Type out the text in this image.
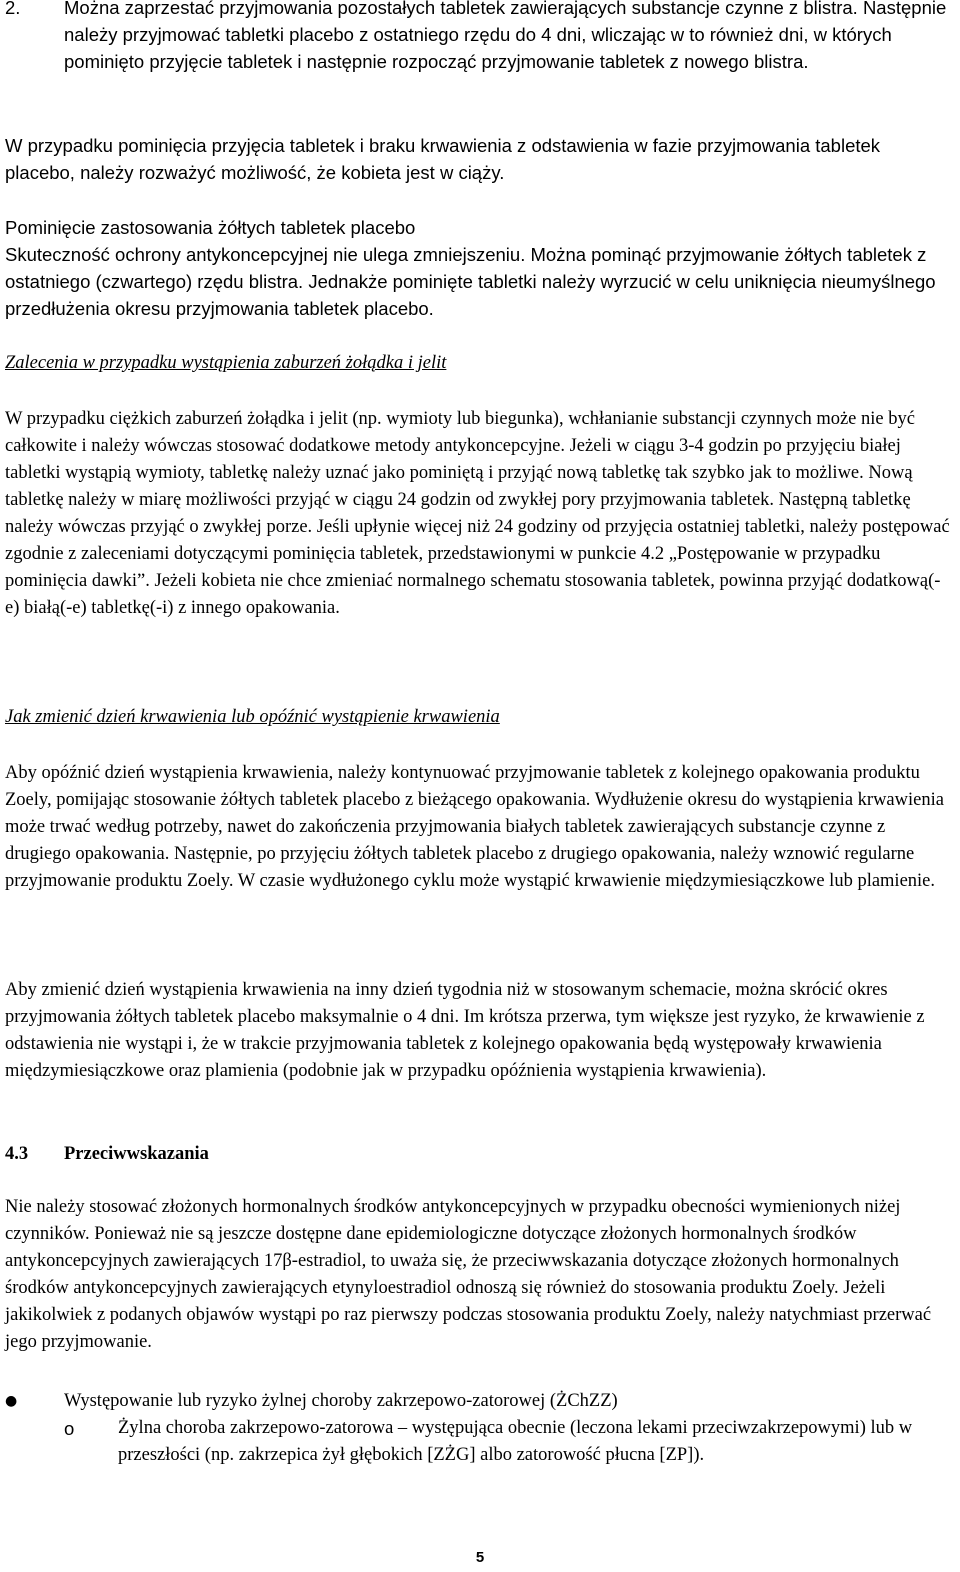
2.	Można zaprzestać przyjmowania pozostałych tabletek zawierających substancje czynne z blistra. Następnie należy przyjmować tabletki placebo z ostatniego rzędu do 4 dni, wliczając w to również dni, w których pominięto przyjęcie tabletek i następnie rozpocząć przyjmowanie tabletek z nowego blistra.

W przypadku pominięcia przyjęcia tabletek i braku krwawienia z odstawienia w fazie przyjmowania tabletek placebo, należy rozważyć możliwość, że kobieta jest w ciąży.

Pominięcie zastosowania żółtych tabletek placebo

Skuteczność ochrony antykoncepcyjnej nie ulega zmniejszeniu. Można pominąć przyjmowanie żółtych tabletek z ostatniego (czwartego) rzędu blistra. Jednakże pominięte tabletki należy wyrzucić w celu uniknięcia nieumyślnego przedłużenia okresu przyjmowania tabletek placebo.

Zalecenia w przypadku wystąpienia zaburzeń żołądka i jelit

W przypadku ciężkich zaburzeń żołądka i jelit (np. wymioty lub biegunka), wchłanianie substancji czynnych może nie być całkowite i należy wówczas stosować dodatkowe metody antykoncepcyjne. Jeżeli w ciągu 3-4 godzin po przyjęciu białej tabletki wystąpią wymioty, tabletkę należy uznać jako pominiętą i przyjąć nową tabletkę tak szybko jak to możliwe. Nową tabletkę należy w miarę możliwości przyjąć w ciągu 24 godzin od zwykłej pory przyjmowania tabletek. Następną tabletkę należy wówczas przyjąć o zwykłej porze. Jeśli upłynie więcej niż 24 godziny od przyjęcia ostatniej tabletki, należy postępować zgodnie z zaleceniami dotyczącymi pominięcia tabletek, przedstawionymi w punkcie 4.2 „Postępowanie w przypadku pominięcia dawki”. Jeżeli kobieta nie chce zmieniać normalnego schematu stosowania tabletek, powinna przyjąć dodatkową(-e) białą(-e) tabletkę(-i) z innego opakowania.

Jak zmienić dzień krwawienia lub opóźnić wystąpienie krwawienia

Aby opóźnić dzień wystąpienia krwawienia, należy kontynuować przyjmowanie tabletek z kolejnego opakowania produktu Zoely, pomijając stosowanie żółtych tabletek placebo z bieżącego opakowania. Wydłużenie okresu do wystąpienia krwawienia może trwać według potrzeby, nawet do zakończenia przyjmowania białych tabletek zawierających substancje czynne z drugiego opakowania. Następnie, po przyjęciu żółtych tabletek placebo z drugiego opakowania, należy wznowić regularne przyjmowanie produktu Zoely. W czasie wydłużonego cyklu może wystąpić krwawienie międzymiesiączkowe lub plamienie.

Aby zmienić dzień wystąpienia krwawienia na inny dzień tygodnia niż w stosowanym schemacie, można skrócić okres przyjmowania żółtych tabletek placebo maksymalnie o 4 dni. Im krótsza przerwa, tym większe jest ryzyko, że krwawienie z odstawienia nie wystąpi i, że w trakcie przyjmowania tabletek z kolejnego opakowania będą występowały krwawienia międzymiesiączkowe oraz plamienia (podobnie jak w przypadku opóźnienia wystąpienia krwawienia).

4.3	Przeciwwskazania

Nie należy stosować złożonych hormonalnych środków antykoncepcyjnych w przypadku obecności wymienionych niżej czynników. Ponieważ nie są jeszcze dostępne dane epidemiologiczne dotyczące złożonych hormonalnych środków antykoncepcyjnych zawierających 17β-estradiol, to uważa się, że przeciwwskazania dotyczące złożonych hormonalnych środków antykoncepcyjnych zawierających etynyloestradiol odnoszą się również do stosowania produktu Zoely. Jeżeli jakikolwiek z podanych objawów wystąpi po raz pierwszy podczas stosowania produktu Zoely, należy natychmiast przerwać jego przyjmowanie.

●	Występowanie lub ryzyko żylnej choroby zakrzepowo-zatorowej (ŻChZZ)
o	Żylna choroba zakrzepowo-zatorowa – występująca obecnie (leczona lekami przeciwzakrzepowymi) lub w przeszłości (np. zakrzepica żył głębokich [ZŻG] albo zatorowość płucna [ZP]).
5
